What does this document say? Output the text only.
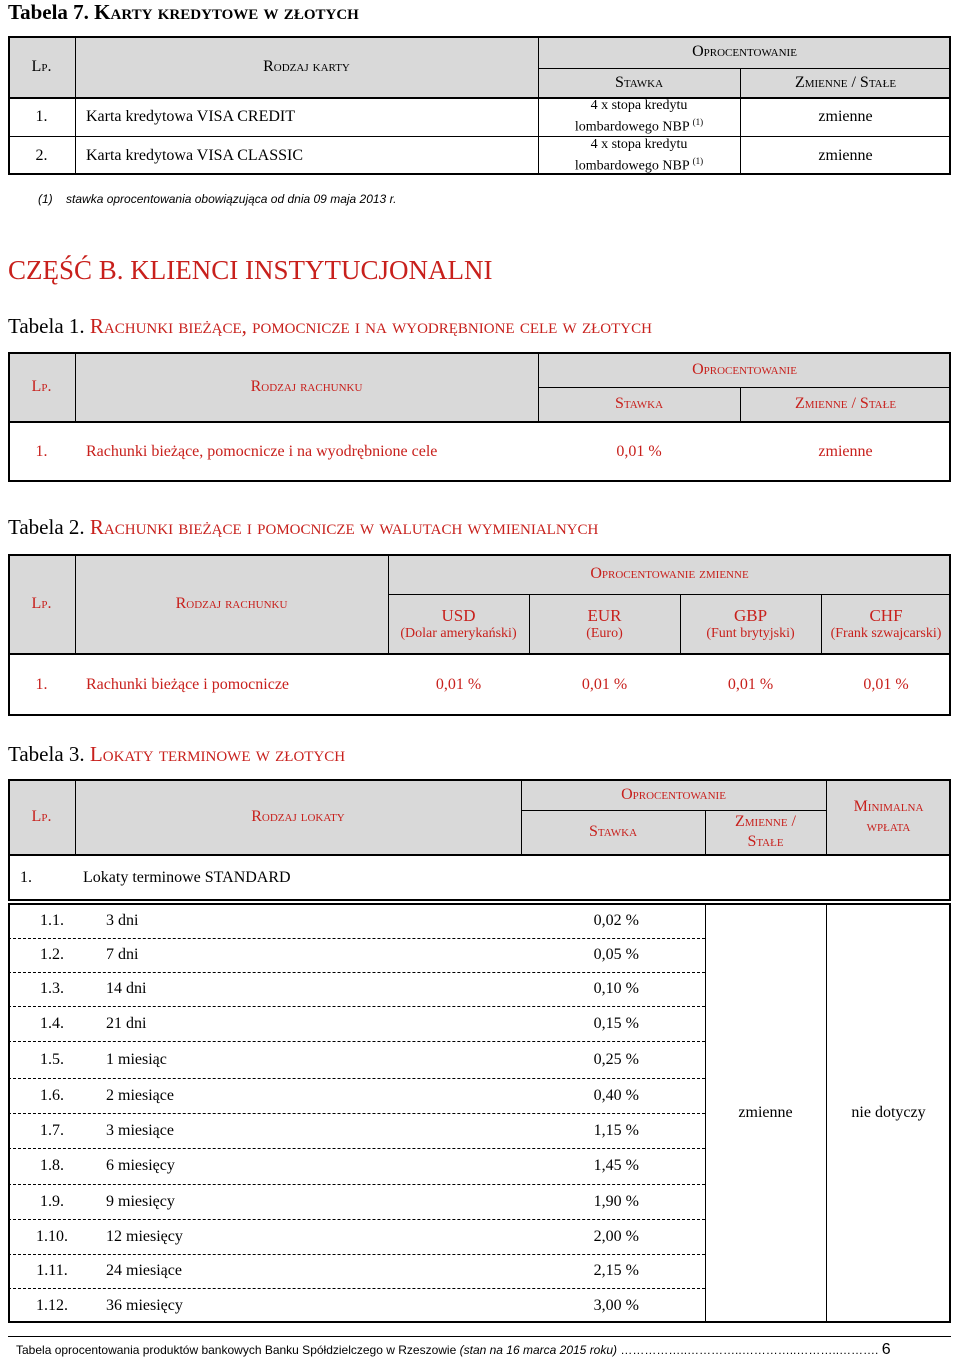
Tabela 7. Karty kredytowe w złotych
Lp.	Rodzaj karty
Oprocentowanie
Stawka	Zmienne / Stałe
1.	Karta kredytowa VISA CREDIT
4 x stopa kredytu
lombardowego NBP $^{(1)}$	zmienne
2.	Karta kredytowa VISA CLASSIC
4 x stopa kredytu
lombardowego NBP $^{(1)}$	zmienne
(1) stawka oprocentowania obowiązująca od dnia 09 maja 2013 r.
CZĘŚĆ B. KLIENCI INSTYTUCJONALNI
Tabela 1. Rachunki bieżące, pomocnicze i na wyodrębnione cele w złotych
Lp.	Rodzaj rachunku
Oprocentowanie
Stawka	Zmienne / Stałe
1.	Rachunki bieżące, pomocnicze i na wyodrębnione cele	0,01 %	zmienne
Tabela 2. Rachunki bieżące i pomocnicze w walutach wymienialnych
Lp.	Rodzaj rachunku
Oprocentowanie zmienne
USD
(Dolar amerykański)
EUR
(Euro)
GBP
(Funt brytyjski)
CHF
(Frank szwajcarski)
1.	Rachunki bieżące i pomocnicze	0,01 %	0,01 %	0,01 %	0,01 %
Tabela 3. Lokaty terminowe w złotych
Lp.	Rodzaj lokaty
Oprocentowanie
Stawka
Zmienne /
Stałe
Minimalna
wpłata
1.	Lokaty terminowe STANDARD
1.1.	3 dni	0,02 %
1.2.	7 dni	0,05 %
1.3.	14 dni	0,10 %
1.4.	21 dni	0,15 %
1.5.	1 miesiąc	0,25 %
1.6.	2 miesiące	0,40 %
1.7.	3 miesiące	1,15 %
1.8.	6 miesięcy	1,45 %
1.9.	9 miesięcy	1,90 %
1.10.	12 miesięcy	2,00 %
1.11.	24 miesiące	2,15 %
1.12.	36 miesięcy	3,00 %
zmienne	nie dotyczy
Tabela oprocentowania produktów bankowych Banku Spółdzielczego w Rzeszowie (stan na 16 marca 2015 roku) ……………..…………..…………..………..………. 6
